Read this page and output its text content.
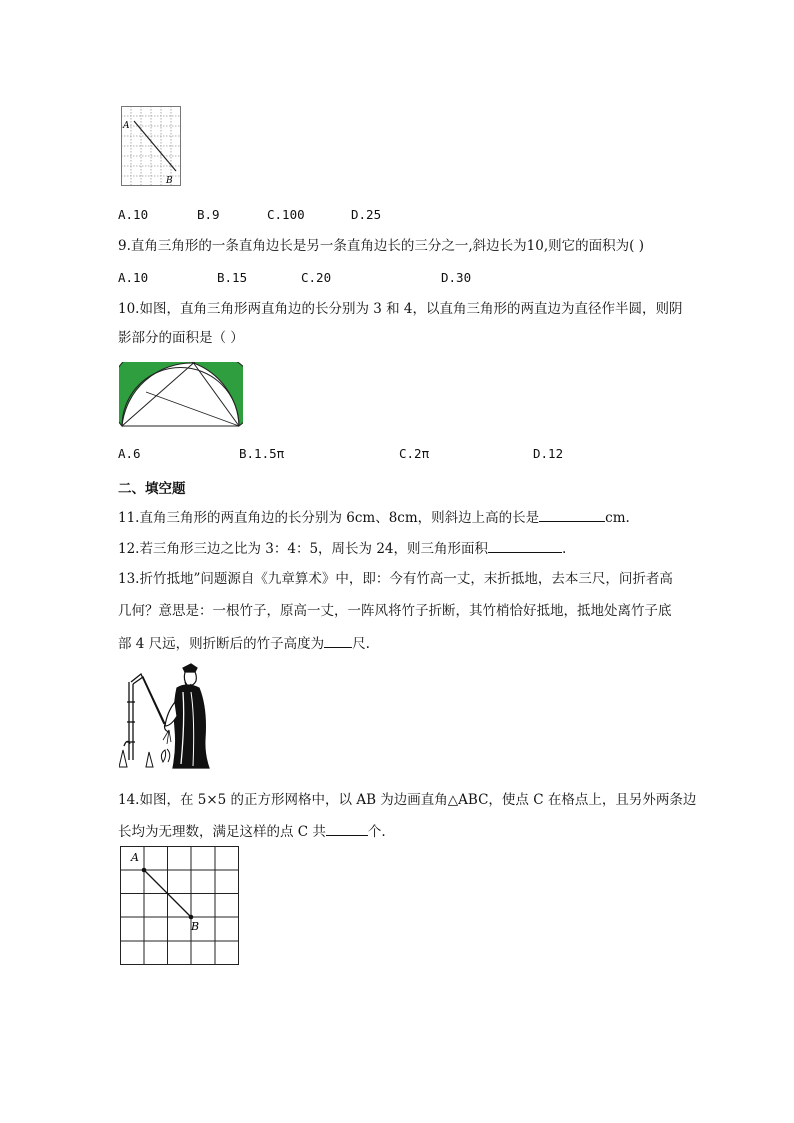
A
B
A.10	B.9	C.100	D.25
9.直角三角形的一条直角边长是另一条直角边长的三分之一,斜边长为10,则它的面积为( )
A.10	B.15	C.20	D.30
10.如图，直角三角形两直角边的长分别为 3 和 4，以直角三角形的两直边为直径作半圆，则阴
影部分的面积是（ ）
A.6	B.1.5π	C.2π	D.12
二、填空题
11.直角三角形的两直角边的长分别为 6cm、8cm，则斜边上高的长是	cm.
12.若三角形三边之比为 3：4：5，周长为 24，则三角形面积	.
13.折竹抵地”问题源自《九章算术》中，即：今有竹高一丈，末折抵地，去本三尺，问折者高
几何？意思是：一根竹子，原高一丈，一阵风将竹子折断，其竹梢恰好抵地，抵地处离竹子底
部 4 尺远，则折断后的竹子高度为 尺.
14.如图，在 5×5 的正方形网格中，以 AB 为边画直角△ABC，使点 C 在格点上，且另外两条边
长均为无理数，满足这样的点 C 共	个.
A
B
